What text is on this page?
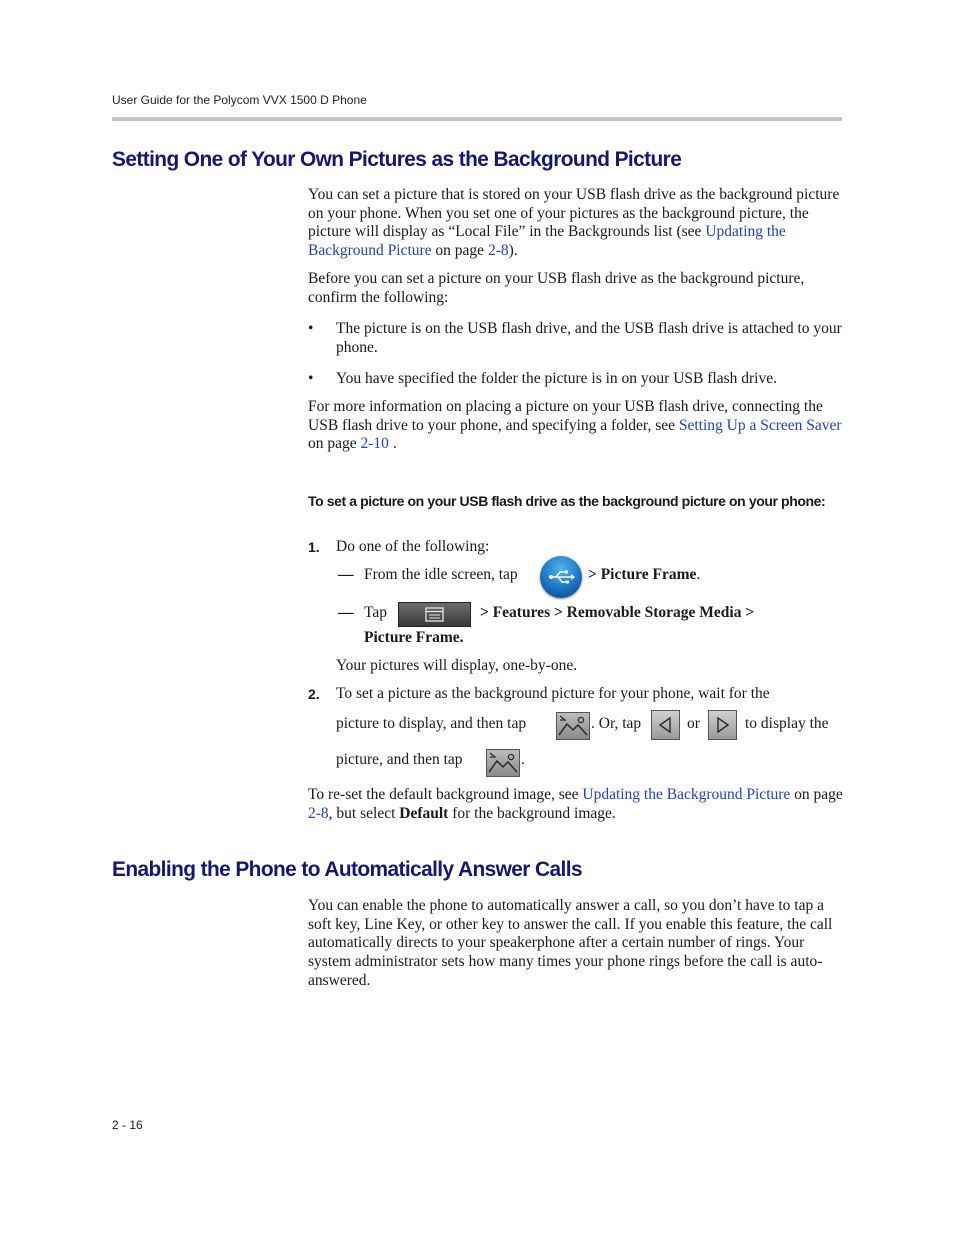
User Guide for the Polycom VVX 1500 D Phone
Setting One of Your Own Pictures as the Background Picture

You can set a picture that is stored on your USB flash drive as the background picture on your phone. When you set one of your pictures as the background picture, the picture will display as “Local File” in the Backgrounds list (see Updating the Background Picture on page 2-8).

Before you can set a picture on your USB flash drive as the background picture, confirm the following:

• The picture is on the USB flash drive, and the USB flash drive is attached to your phone.
• You have specified the folder the picture is in on your USB flash drive.

For more information on placing a picture on your USB flash drive, connecting the USB flash drive to your phone, and specifying a folder, see Setting Up a Screen Saver on page 2-10 .

To set a picture on your USB flash drive as the background picture on your phone:
1. Do one of the following:
— From the idle screen, tap	> Picture Frame.
— Tap	> Features > Removable Storage Media >
Picture Frame.
Your pictures will display, one-by-one.
2. To set a picture as the background picture for your phone, wait for the
picture to display, and then tap	. Or, tap	or	to display the
picture, and then tap	.

To re-set the default background image, see Updating the Background Picture on page 2-8, but select Default for the background image.

Enabling the Phone to Automatically Answer Calls

You can enable the phone to automatically answer a call, so you don’t have to tap a soft key, Line Key, or other key to answer the call. If you enable this feature, the call automatically directs to your speakerphone after a certain number of rings. Your system administrator sets how many times your phone rings before the call is auto-answered.

2 - 16
